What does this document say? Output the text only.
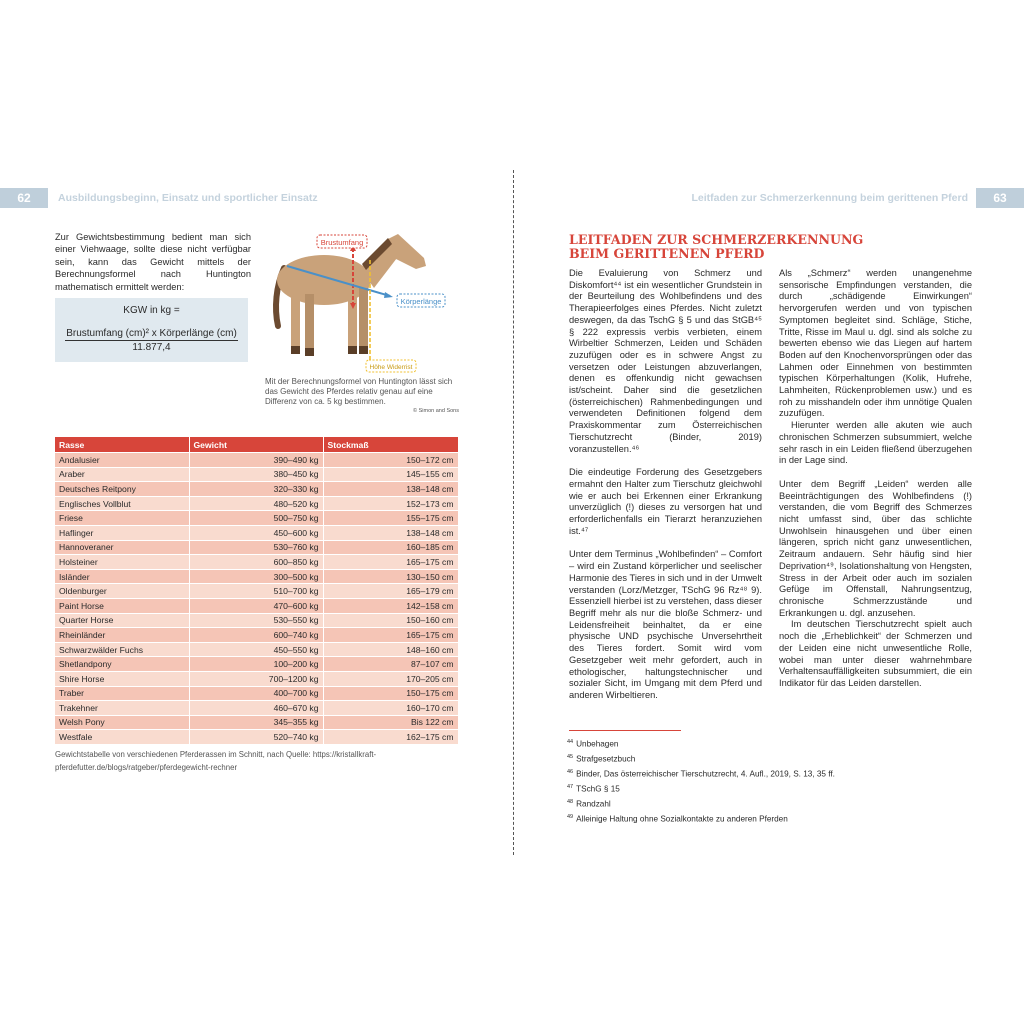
62	Ausbildungsbeginn, Einsatz und sportlicher Einsatz	Leitfaden zur Schmerzerkennung beim gerittenen Pferd	63
Zur Gewichtsbestimmung bedient man sich einer Viehwaage, sollte diese nicht verfügbar sein, kann das Gewicht mittels der Berechnungsformel nach Huntington mathematisch ermittelt werden:
KGW in kg =
Brustumfang (cm)² x Körperlänge (cm)
11.877,4
Brustumfang
Körperlänge
Höhe Widerrist
Mit der Berechnungsformel von Huntington lässt sich das Gewicht des Pferdes relativ genau auf eine Differenz von ca. 5 kg bestimmen.
© Simon and Sons
Rasse	Gewicht	Stockmaß
Andalusier	390–490 kg	150–172 cm
Araber	380–450 kg	145–155 cm
Deutsches Reitpony	320–330 kg	138–148 cm
Englisches Vollblut	480–520 kg	152–173 cm
Friese	500–750 kg	155–175 cm
Haflinger	450–600 kg	138–148 cm
Hannoveraner	530–760 kg	160–185 cm
Holsteiner	600–850 kg	165–175 cm
Isländer	300–500 kg	130–150 cm
Oldenburger	510–700 kg	165–179 cm
Paint Horse	470–600 kg	142–158 cm
Quarter Horse	530–550 kg	150–160 cm
Rheinländer	600–740 kg	165–175 cm
Schwarzwälder Fuchs	450–550 kg	148–160 cm
Shetlandpony	100–200 kg	87–107 cm
Shire Horse	700–1200 kg	170–205 cm
Traber	400–700 kg	150–175 cm
Trakehner	460–670 kg	160–170 cm
Welsh Pony	345–355 kg	Bis 122 cm
Westfale	520–740 kg	162–175 cm
Gewichtstabelle von verschiedenen Pferderassen im Schnitt, nach Quelle: https://kristallkraft-pferdefutter.de/blogs/ratgeber/pferdegewicht-rechner
LEITFADEN ZUR SCHMERZERKENNUNG
BEIM GERITTENEN PFERD

Die Evaluierung von Schmerz und Diskomfort⁴⁴ ist ein wesentlicher Grundstein in der Beurteilung des Wohlbefindens und des Therapieerfolges eines Pferdes. Nicht zuletzt deswegen, da das TschG § 5 und das StGB⁴⁵ § 222 expressis verbis verbieten, einem Wirbeltier Schmerzen, Leiden und Schäden zuzufügen oder es in schwere Angst zu versetzen oder Leistungen abzuverlangen, denen es offenkundig nicht gewachsen ist/scheint. Daher sind die gesetzlichen (österreichischen) Rahmenbedingungen und verwendeten Definitionen folgend dem Praxiskommentar zum Österreichischen Tierschutzrecht (Binder, 2019) voranzustellen.⁴⁶

Die eindeutige Forderung des Gesetzgebers ermahnt den Halter zum Tierschutz gleichwohl wie er auch bei Erkennen einer Erkrankung unverzüglich (!) dieses zu versorgen hat und erforderlichenfalls ein Tierarzt heranzuziehen ist.⁴⁷

Unter dem Terminus „Wohlbefinden“ – Comfort – wird ein Zustand körperlicher und seelischer Harmonie des Tieres in sich und in der Umwelt verstanden (Lorz/Metzger, TSchG 96 Rz⁴⁸ 9). Essenziell hierbei ist zu verstehen, dass dieser Begriff mehr als nur die bloße Schmerz- und Leidensfreiheit beinhaltet, da er eine physische UND psychische Unversehrtheit des Tieres fordert. Somit wird vom Gesetzgeber weit mehr gefordert, auch in ethologischer, haltungstechnischer und sozialer Sicht, im Umgang mit dem Pferd und anderen Wirbeltieren.

Als „Schmerz“ werden unangenehme sensorische Empfindungen verstanden, die durch „schädigende Einwirkungen“ hervorgerufen werden und von typischen Symptomen begleitet sind. Schläge, Stiche, Tritte, Risse im Maul u. dgl. sind als solche zu bewerten ebenso wie das Liegen auf hartem Boden auf den Knochenvorsprüngen oder das Lahmen oder Einnehmen von bestimmten typischen Körperhaltungen (Kolik, Hufrehe, Lahmheiten, Rückenproblemen usw.) und es roh zu misshandeln oder ihm unnötige Qualen zuzufügen.

Hierunter werden alle akuten wie auch chronischen Schmerzen subsummiert, welche sehr rasch in ein Leiden fließend überzugehen in der Lage sind.

Unter dem Begriff „Leiden“ werden alle Beeinträchtigungen des Wohlbefindens (!) verstanden, die vom Begriff des Schmerzes nicht umfasst sind, über das schlichte Unwohlsein hinausgehen und über einen längeren, sprich nicht ganz unwesentlichen, Zeitraum andauern. Sehr häufig sind hier Deprivation⁴⁹, Isolationshaltung von Hengsten, Stress in der Arbeit oder auch im sozialen Gefüge im Offenstall, Nahrungsentzug, chronische Schmerzzustände und Erkrankungen u. dgl. anzusehen.

Im deutschen Tierschutzrecht spielt auch noch die „Erheblichkeit“ der Schmerzen und der Leiden eine nicht unwesentliche Rolle, wobei man unter dieser wahrnehmbare Verhaltensauffälligkeiten subsummiert, die ein Indikator für das Leiden darstellen.

$^{44}$ Unbehagen
$^{45}$ Strafgesetzbuch
$^{46}$ Binder, Das österreichischer Tierschutzrecht, 4. Aufl., 2019, S. 13, 35 ff.
$^{47}$ TSchG § 15
$^{48}$ Randzahl
$^{49}$ Alleinige Haltung ohne Sozialkontakte zu anderen Pferden
